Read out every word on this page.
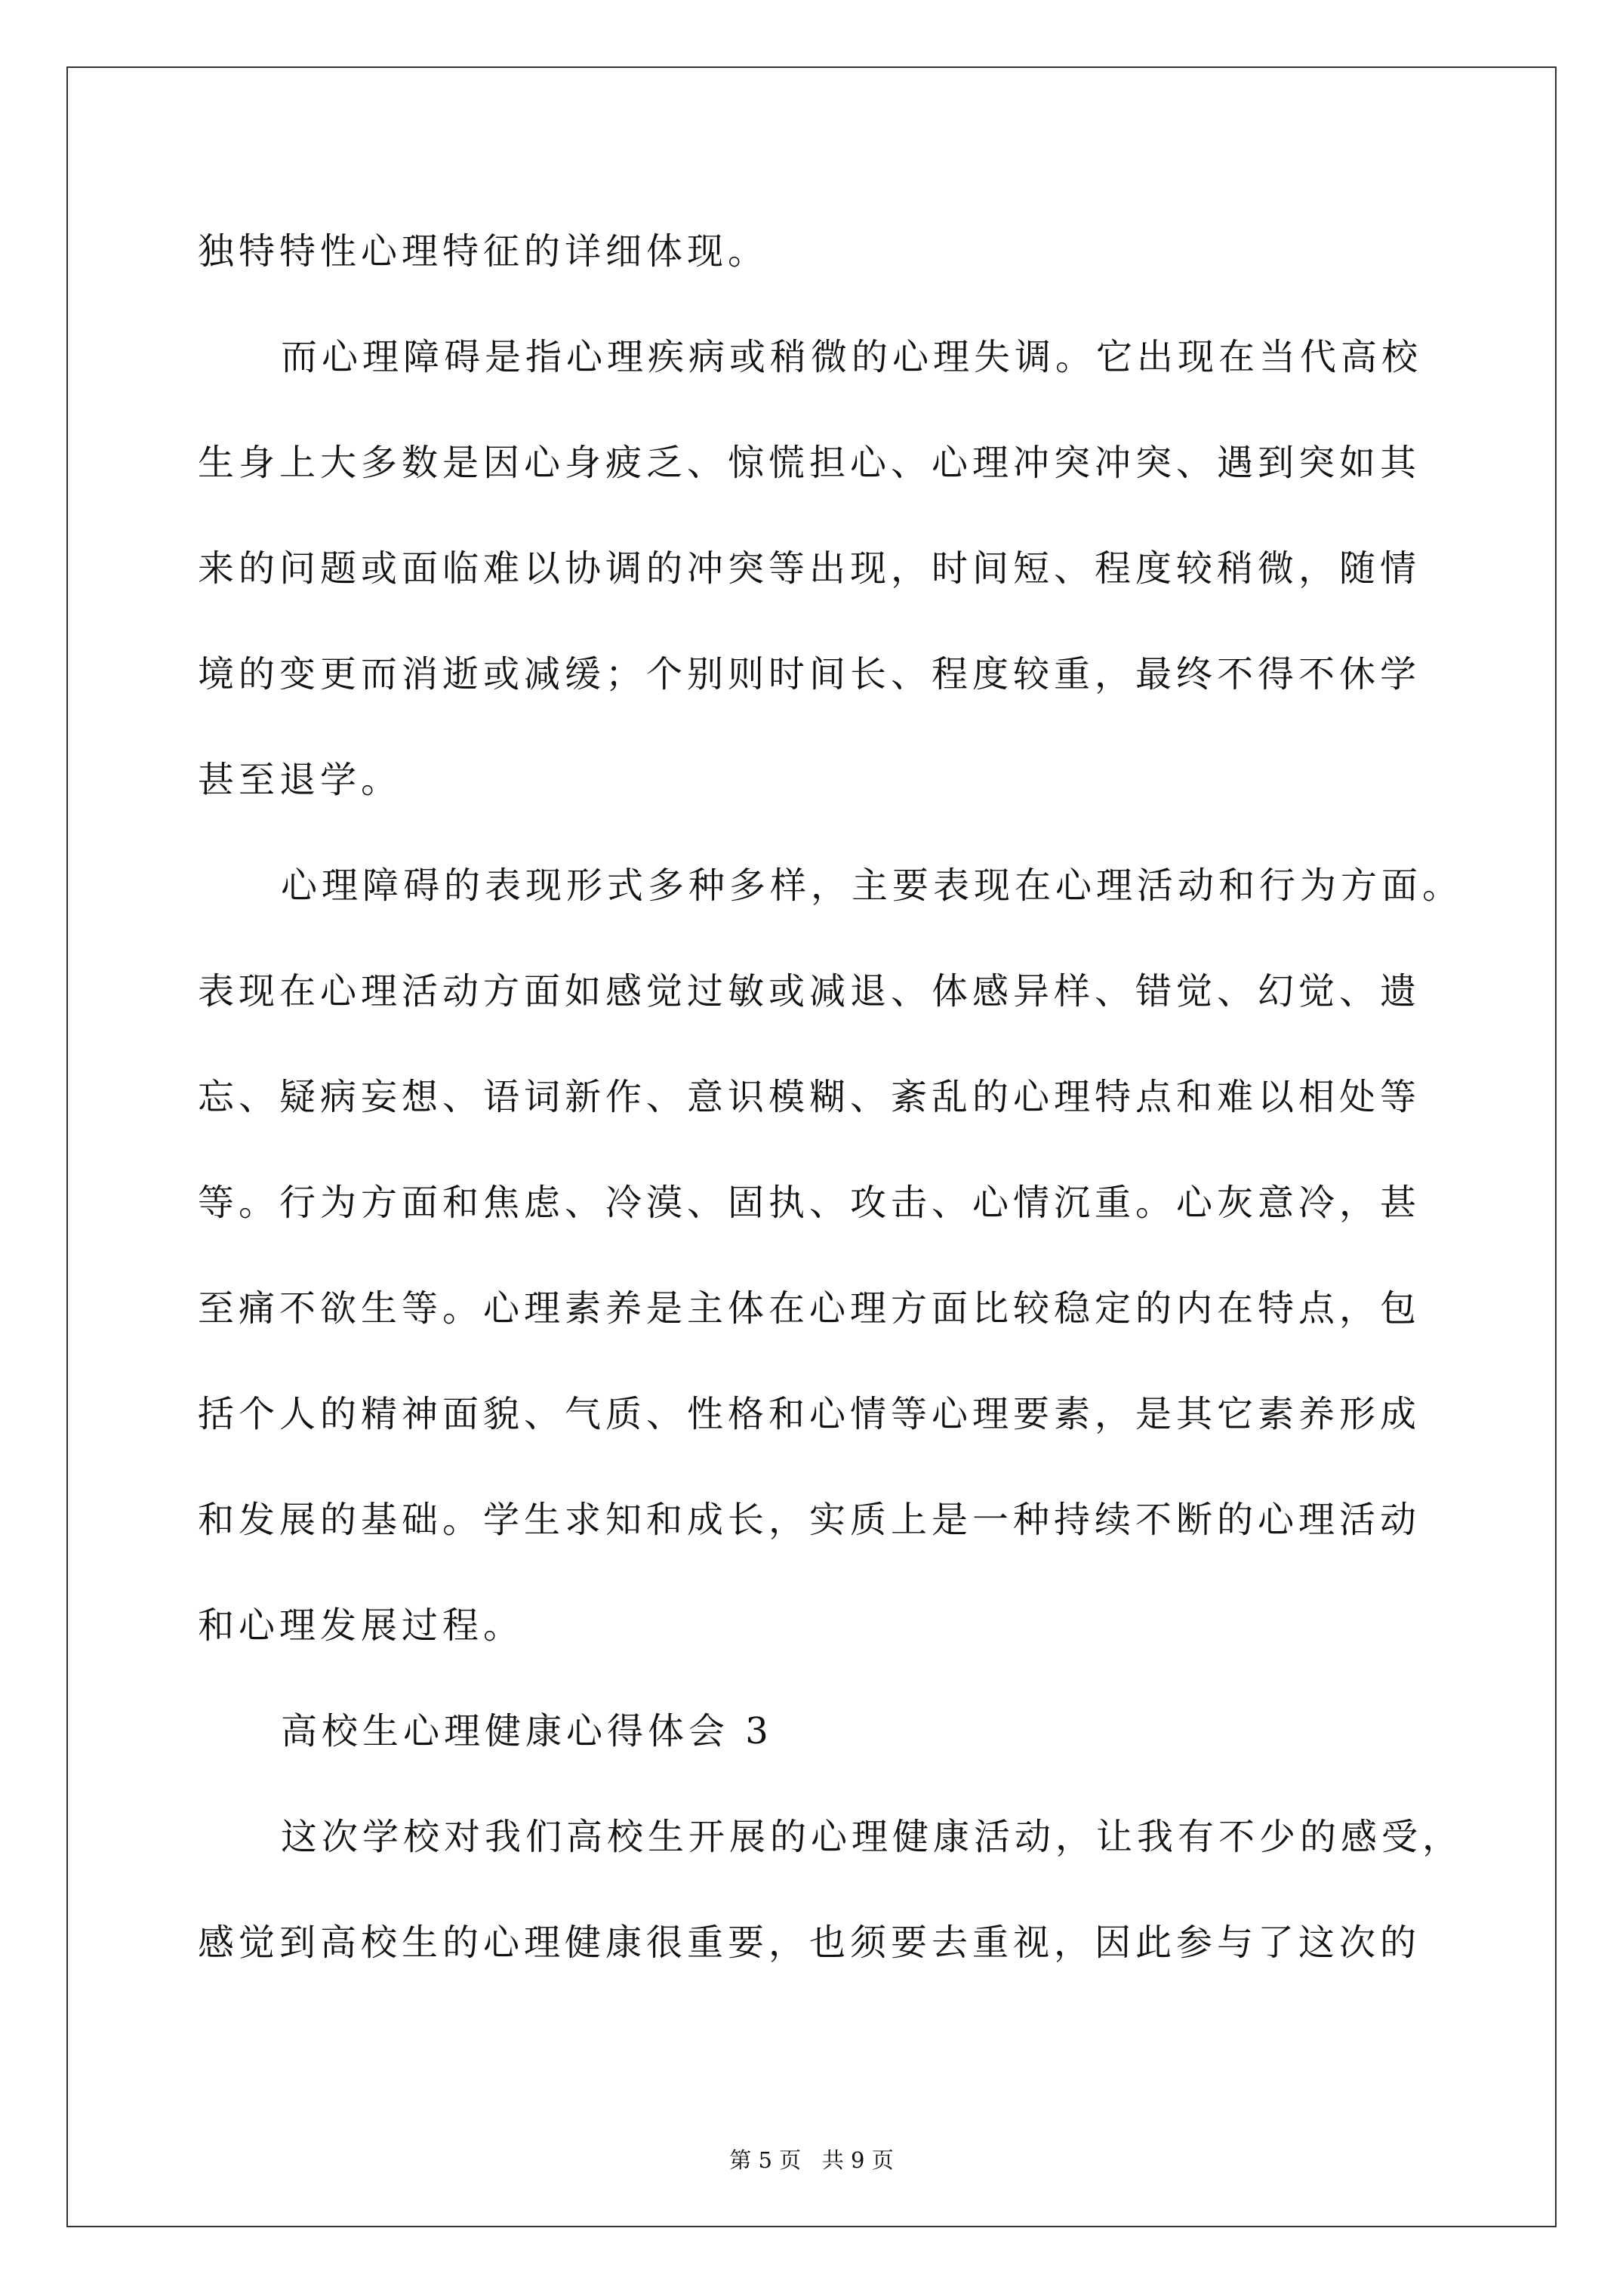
独特特性心理特征的详细体现。
而心理障碍是指心理疾病或稍微的心理失调。它出现在当代高校
生身上大多数是因心身疲乏、惊慌担心、心理冲突冲突、遇到突如其
来的问题或面临难以协调的冲突等出现，时间短、程度较稍微，随情
境的变更而消逝或减缓；个别则时间长、程度较重，最终不得不休学
甚至退学。
心理障碍的表现形式多种多样，主要表现在心理活动和行为方面。
表现在心理活动方面如感觉过敏或减退、体感异样、错觉、幻觉、遗
忘、疑病妄想、语词新作、意识模糊、紊乱的心理特点和难以相处等
等。行为方面和焦虑、冷漠、固执、攻击、心情沉重。心灰意冷，甚
至痛不欲生等。心理素养是主体在心理方面比较稳定的内在特点，包
括个人的精神面貌、气质、性格和心情等心理要素，是其它素养形成
和发展的基础。学生求知和成长，实质上是一种持续不断的心理活动
和心理发展过程。
高校生心理健康心得体会 3
这次学校对我们高校生开展的心理健康活动，让我有不少的感受，
感觉到高校生的心理健康很重要，也须要去重视，因此参与了这次的
第 5 页 共 9 页
